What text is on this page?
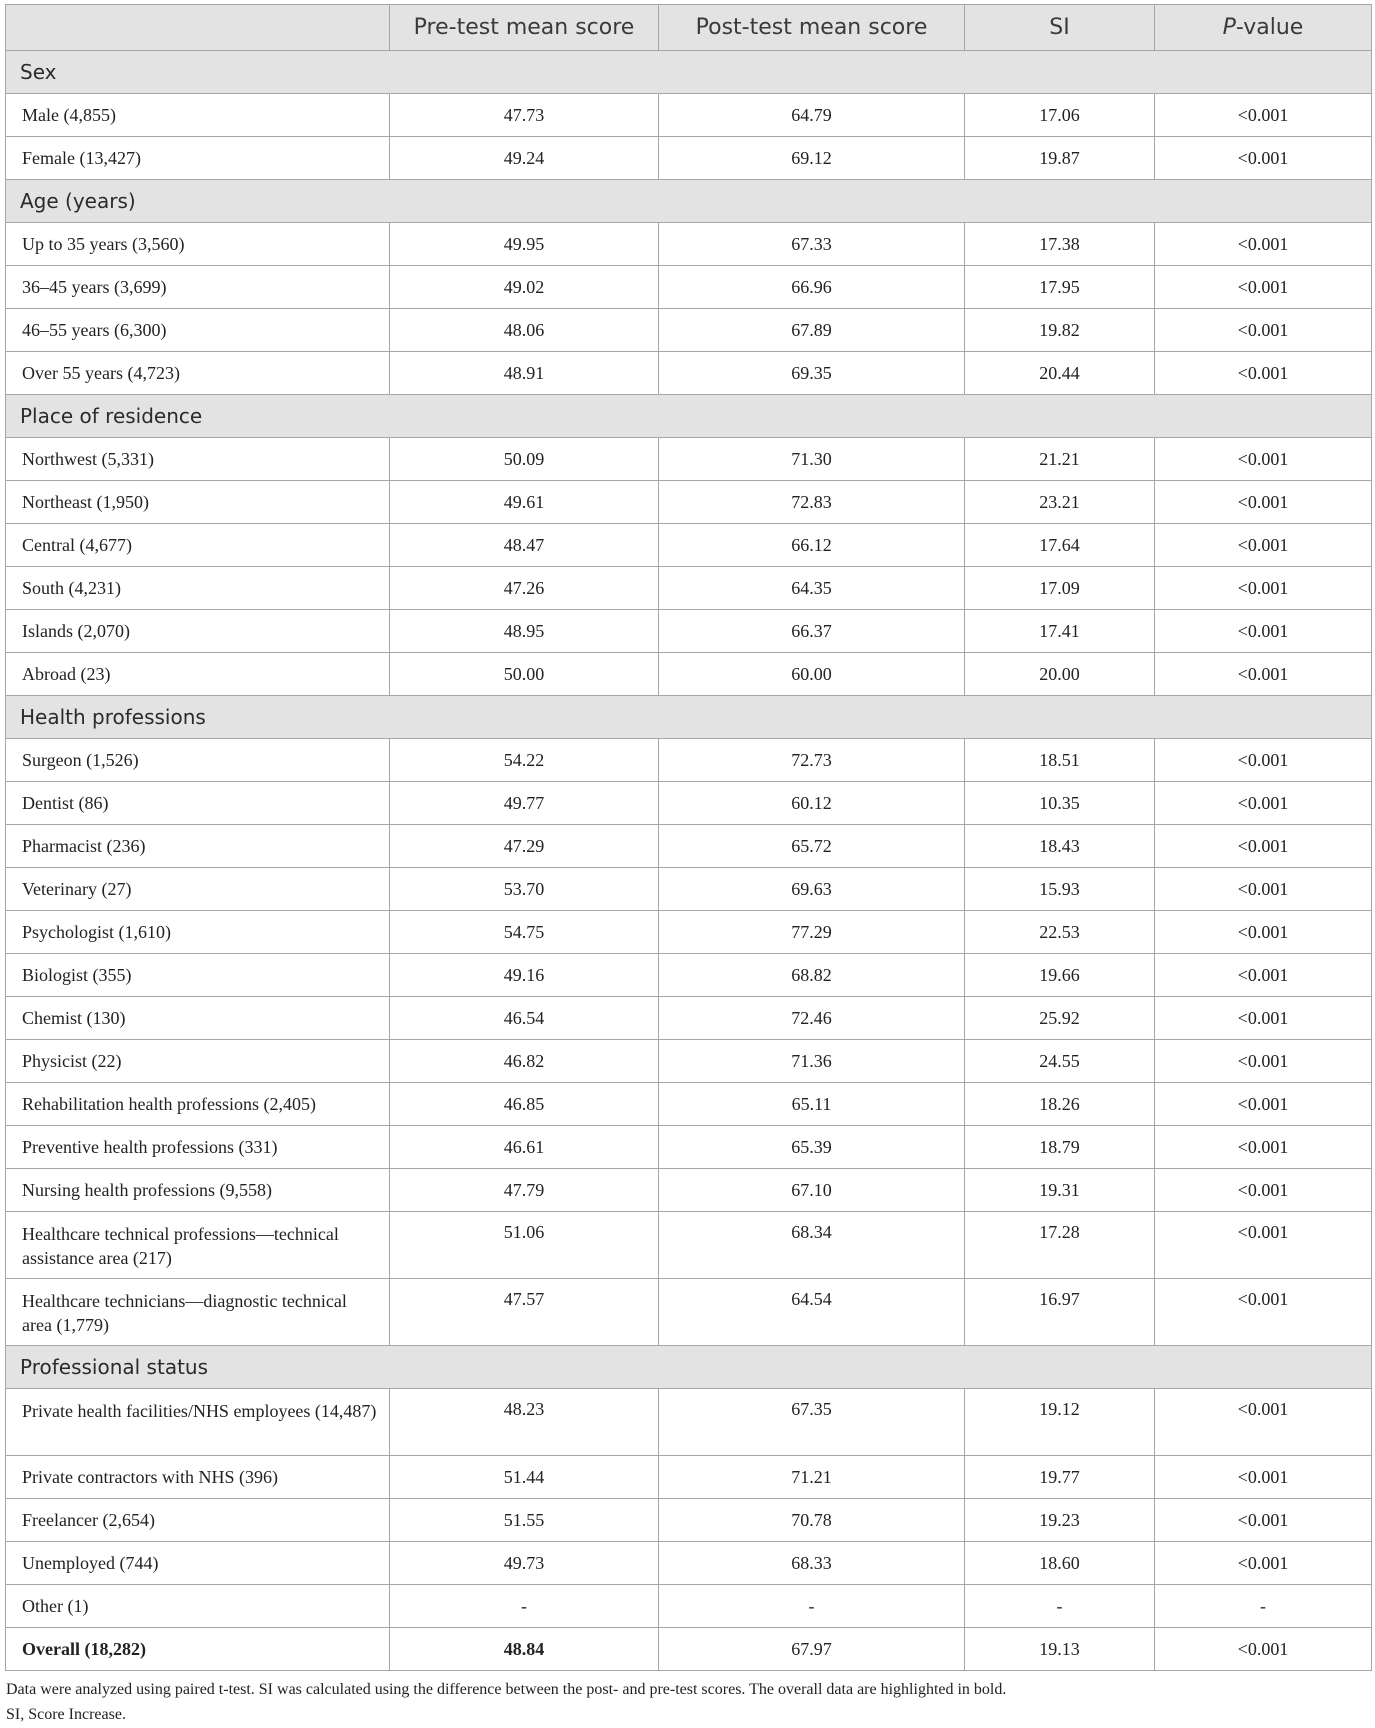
	Pre-test mean score	Post-test mean score	SI	P-value
Sex				
Male (4,855)	47.73	64.79	17.06	<0.001
Female (13,427)	49.24	69.12	19.87	<0.001
Age (years)				
Up to 35 years (3,560)	49.95	67.33	17.38	<0.001
36–45 years (3,699)	49.02	66.96	17.95	<0.001
46–55 years (6,300)	48.06	67.89	19.82	<0.001
Over 55 years (4,723)	48.91	69.35	20.44	<0.001
Place of residence				
Northwest (5,331)	50.09	71.30	21.21	<0.001
Northeast (1,950)	49.61	72.83	23.21	<0.001
Central (4,677)	48.47	66.12	17.64	<0.001
South (4,231)	47.26	64.35	17.09	<0.001
Islands (2,070)	48.95	66.37	17.41	<0.001
Abroad (23)	50.00	60.00	20.00	<0.001
Health professions				
Surgeon (1,526)	54.22	72.73	18.51	<0.001
Dentist (86)	49.77	60.12	10.35	<0.001
Pharmacist (236)	47.29	65.72	18.43	<0.001
Veterinary (27)	53.70	69.63	15.93	<0.001
Psychologist (1,610)	54.75	77.29	22.53	<0.001
Biologist (355)	49.16	68.82	19.66	<0.001
Chemist (130)	46.54	72.46	25.92	<0.001
Physicist (22)	46.82	71.36	24.55	<0.001
Rehabilitation health professions (2,405)	46.85	65.11	18.26	<0.001
Preventive health professions (331)	46.61	65.39	18.79	<0.001
Nursing health professions (9,558)	47.79	67.10	19.31	<0.001
Healthcare technical professions—technical assistance area (217)	51.06	68.34	17.28	<0.001
Healthcare technicians—diagnostic technical area (1,779)	47.57	64.54	16.97	<0.001
Professional status				
Private health facilities/NHS employees (14,487)	48.23	67.35	19.12	<0.001
Private contractors with NHS (396)	51.44	71.21	19.77	<0.001
Freelancer (2,654)	51.55	70.78	19.23	<0.001
Unemployed (744)	49.73	68.33	18.60	<0.001
Other (1)	-	-	-	-
Overall (18,282)	48.84	67.97	19.13	<0.001
Data were analyzed using paired t-test. SI was calculated using the difference between the post- and pre-test scores. The overall data are highlighted in bold.
SI, Score Increase.
